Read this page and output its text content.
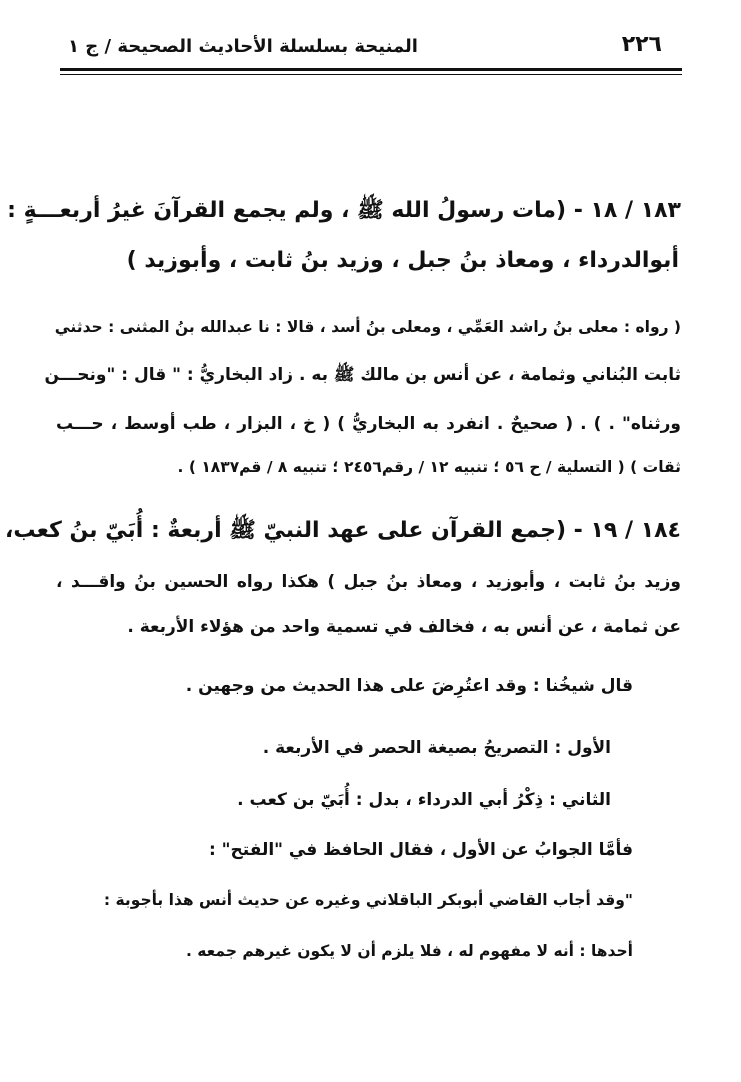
٢٢٦
المنيحة بسلسلة الأحاديث الصحيحة / ج ١
١٨٣ / ١٨ - (مات رسولُ الله ﷺ ، ولم يجمع القرآنَ غيرُ أربعـــةٍ :
أبوالدرداء ، ومعاذ بنُ جبل ، وزيد بنُ ثابت ، وأبوزيد )
( رواه : معلى بنُ راشد العَمِّي ، ومعلى بنُ أسد ، قالا : نا عبدالله بنُ المثنى : حدثني
ثابت البُناني وثمامة ، عن أنس بن مالك ﷺ به . زاد البخاريُّ : " قال : "ونحـــن
ورثناه" . ) . ( صحيحٌ . انفرد به البخاريُّ ) ( خ ، البزار ، طب أوسط ، حـــب
ثقات ) ( التسلية / ح ٥٦ ؛ تنبيه ١٢ / رقم٢٤٥٦ ؛ تنبيه ٨ / قم١٨٣٧ ) .
١٨٤ / ١٩ - (جمع القرآن على عهد النبيّ ﷺ أربعةٌ : أُبَيّ بنُ كعب،
وزيد بنُ ثابت ، وأبوزيد ، ومعاذ بنُ جبل ) هكذا رواه الحسين بنُ واقـــد ،
عن ثمامة ، عن أنس به ، فخالف في تسمية واحد من هؤلاء الأربعة .
قال شيخُنا : وقد اعتُرِضَ على هذا الحديث من وجهين .
الأول : التصريحُ بصيغة الحصر في الأربعة .
الثاني : ذِكْرُ أبي الدرداء ، بدل : أُبَيّ بن كعب .
فأمَّا الجوابُ عن الأول ، فقال الحافظ في "الفتح" :
"وقد أجاب القاضي أبوبكر الباقلاني وغيره عن حديث أنس هذا بأجوبة :
أحدها : أنه لا مفهوم له ، فلا يلزم أن لا يكون غيرهم جمعه .
